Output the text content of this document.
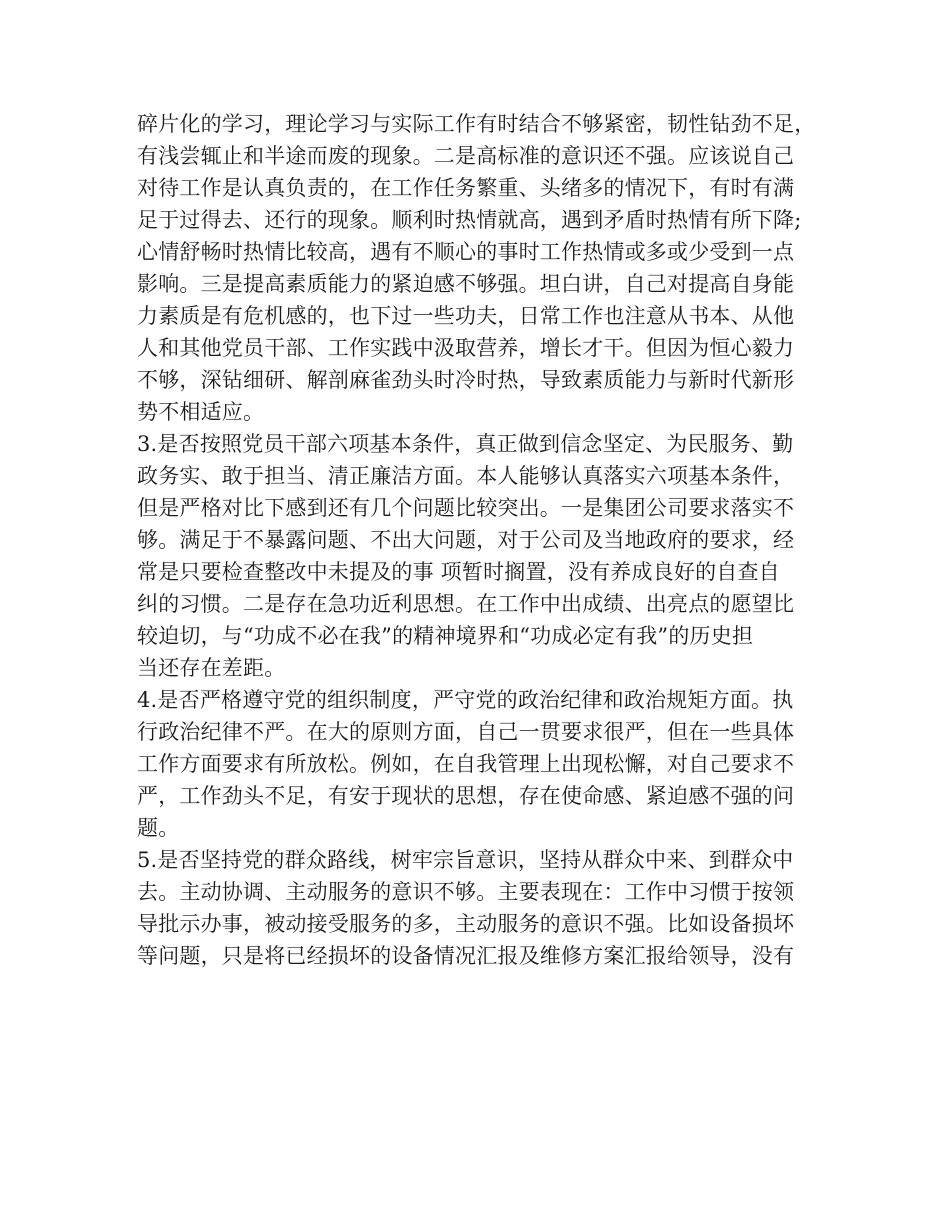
碎片化的学习，理论学习与实际工作有时结合不够紧密，韧性钻劲不足，
有浅尝辄止和半途而废的现象。二是高标准的意识还不强。应该说自己
对待工作是认真负责的，在工作任务繁重、头绪多的情况下，有时有满
足于过得去、还行的现象。顺利时热情就高，遇到矛盾时热情有所下降;
心情舒畅时热情比较高，遇有不顺心的事时工作热情或多或少受到一点
影响。三是提高素质能力的紧迫感不够强。坦白讲，自己对提高自身能
力素质是有危机感的，也下过一些功夫，日常工作也注意从书本、从他
人和其他党员干部、工作实践中汲取营养，增长才干。但因为恒心毅力
不够，深钻细研、解剖麻雀劲头时冷时热，导致素质能力与新时代新形
势不相适应。
3.是否按照党员干部六项基本条件，真正做到信念坚定、为民服务、勤
政务实、敢于担当、清正廉洁方面。本人能够认真落实六项基本条件，
但是严格对比下感到还有几个问题比较突出。一是集团公司要求落实不
够。满足于不暴露问题、不出大问题，对于公司及当地政府的要求，经
常是只要检查整改中未提及的事 项暂时搁置，没有养成良好的自查自
纠的习惯。二是存在急功近利思想。在工作中出成绩、出亮点的愿望比
较迫切，与“功成不必在我”的精神境界和“功成必定有我”的历史担
当还存在差距。
4.是否严格遵守党的组织制度，严守党的政治纪律和政治规矩方面。执
行政治纪律不严。在大的原则方面，自己一贯要求很严，但在一些具体
工作方面要求有所放松。例如，在自我管理上出现松懈，对自己要求不
严，工作劲头不足，有安于现状的思想，存在使命感、紧迫感不强的问
题。
5.是否坚持党的群众路线，树牢宗旨意识，坚持从群众中来、到群众中
去。主动协调、主动服务的意识不够。主要表现在：工作中习惯于按领
导批示办事，被动接受服务的多，主动服务的意识不强。比如设备损坏
等问题，只是将已经损坏的设备情况汇报及维修方案汇报给领导，没有
